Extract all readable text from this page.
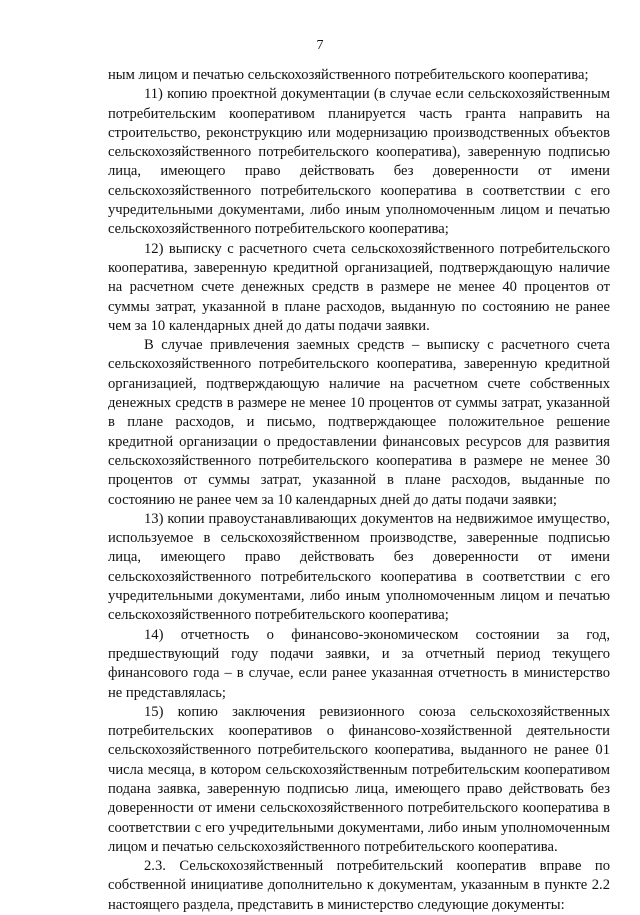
7

ным лицом и печатью сельскохозяйственного потребительского кооператива;

11) копию проектной документации (в случае если сельскохозяйственным потребительским кооперативом планируется часть гранта направить на строительство, реконструкцию или модернизацию производственных объектов сельскохозяйственного потребительского кооператива), заверенную подписью лица, имеющего право действовать без доверенности от имени сельскохозяйственного потребительского кооператива в соответствии с его учредительными документами, либо иным уполномоченным лицом и печатью сельскохозяйственного потребительского кооператива;

12) выписку с расчетного счета сельскохозяйственного потребительского кооператива, заверенную кредитной организацией, подтверждающую наличие на расчетном счете денежных средств в размере не менее 40 процентов от суммы затрат, указанной в плане расходов, выданную по состоянию не ранее чем за 10 календарных дней до даты подачи заявки.

В случае привлечения заемных средств – выписку с расчетного счета сельскохозяйственного потребительского кооператива, заверенную кредитной организацией, подтверждающую наличие на расчетном счете собственных денежных средств в размере не менее 10 процентов от суммы затрат, указанной в плане расходов, и письмо, подтверждающее положительное решение кредитной организации о предоставлении финансовых ресурсов для развития сельскохозяйственного потребительского кооператива в размере не менее 30 процентов от суммы затрат, указанной в плане расходов, выданные по состоянию не ранее чем за 10 календарных дней до даты подачи заявки;

13) копии правоустанавливающих документов на недвижимое имущество, используемое в сельскохозяйственном производстве, заверенные подписью лица, имеющего право действовать без доверенности от имени сельскохозяйственного потребительского кооператива в соответствии с его учредительными документами, либо иным уполномоченным лицом и печатью сельскохозяйственного потребительского кооператива;

14) отчетность о финансово-экономическом состоянии за год, предшествующий году подачи заявки, и за отчетный период текущего финансового года – в случае, если ранее указанная отчетность в министерство не представлялась;

15) копию заключения ревизионного союза сельскохозяйственных потребительских кооперативов о финансово-хозяйственной деятельности сельскохозяйственного потребительского кооператива, выданного не ранее 01 числа месяца, в котором сельскохозяйственным потребительским кооперативом подана заявка, заверенную подписью лица, имеющего право действовать без доверенности от имени сельскохозяйственного потребительского кооператива в соответствии с его учредительными документами, либо иным уполномоченным лицом и печатью сельскохозяйственного потребительского кооператива.

2.3. Сельскохозяйственный потребительский кооператив вправе по собственной инициативе дополнительно к документам, указанным в пункте 2.2 настоящего раздела, представить в министерство следующие документы:
